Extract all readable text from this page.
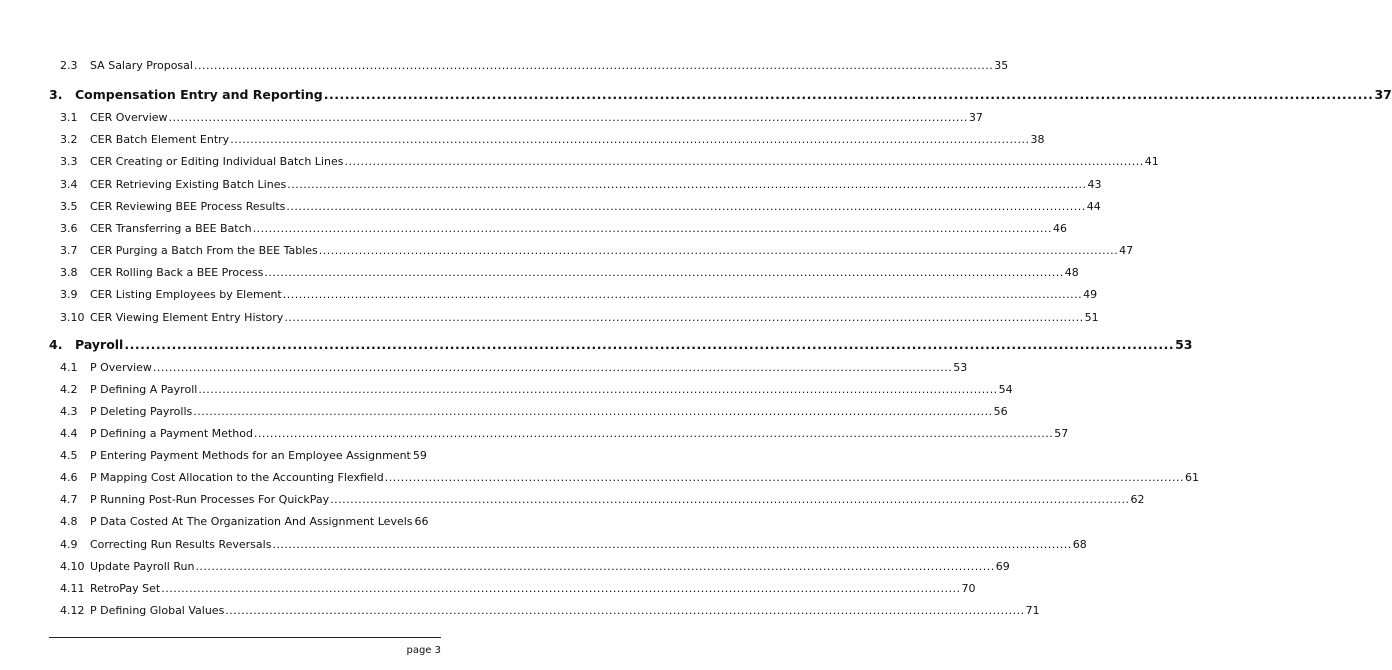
2.3	SA Salary Proposal ........................................................................................................................................................................................................ 35
3.	Compensation Entry and Reporting ........................................................................................................................................................................................................ 37
3.1	CER Overview ........................................................................................................................................................................................................ 37
3.2	CER Batch Element Entry ........................................................................................................................................................................................................ 38
3.3	CER Creating or Editing Individual Batch Lines ........................................................................................................................................................................................................ 41
3.4	CER Retrieving Existing Batch Lines ........................................................................................................................................................................................................ 43
3.5	CER Reviewing BEE Process Results ........................................................................................................................................................................................................ 44
3.6	CER Transferring a BEE Batch ........................................................................................................................................................................................................ 46
3.7	CER Purging a Batch From the BEE Tables ........................................................................................................................................................................................................ 47
3.8	CER Rolling Back a BEE Process ........................................................................................................................................................................................................ 48
3.9	CER Listing Employees by Element ........................................................................................................................................................................................................ 49
3.10 CER Viewing Element Entry History ........................................................................................................................................................................................................ 51
4.	Payroll ........................................................................................................................................................................................................ 53
4.1	P Overview ........................................................................................................................................................................................................ 53
4.2	P Defining A Payroll ........................................................................................................................................................................................................ 54
4.3	P Deleting Payrolls ........................................................................................................................................................................................................ 56
4.4	P Defining a Payment Method ........................................................................................................................................................................................................ 57
4.5	P Entering Payment Methods for an Employee Assignment 59
4.6	P Mapping Cost Allocation to the Accounting Flexfield ........................................................................................................................................................................................................ 61
4.7	P Running Post-Run Processes For QuickPay ........................................................................................................................................................................................................ 62
4.8	P Data Costed At The Organization And Assignment Levels 66
4.9	Correcting Run Results Reversals ........................................................................................................................................................................................................ 68
4.10 Update Payroll Run ........................................................................................................................................................................................................ 69
4.11 RetroPay Set ........................................................................................................................................................................................................ 70
4.12 P Defining Global Values ........................................................................................................................................................................................................ 71
page 3
